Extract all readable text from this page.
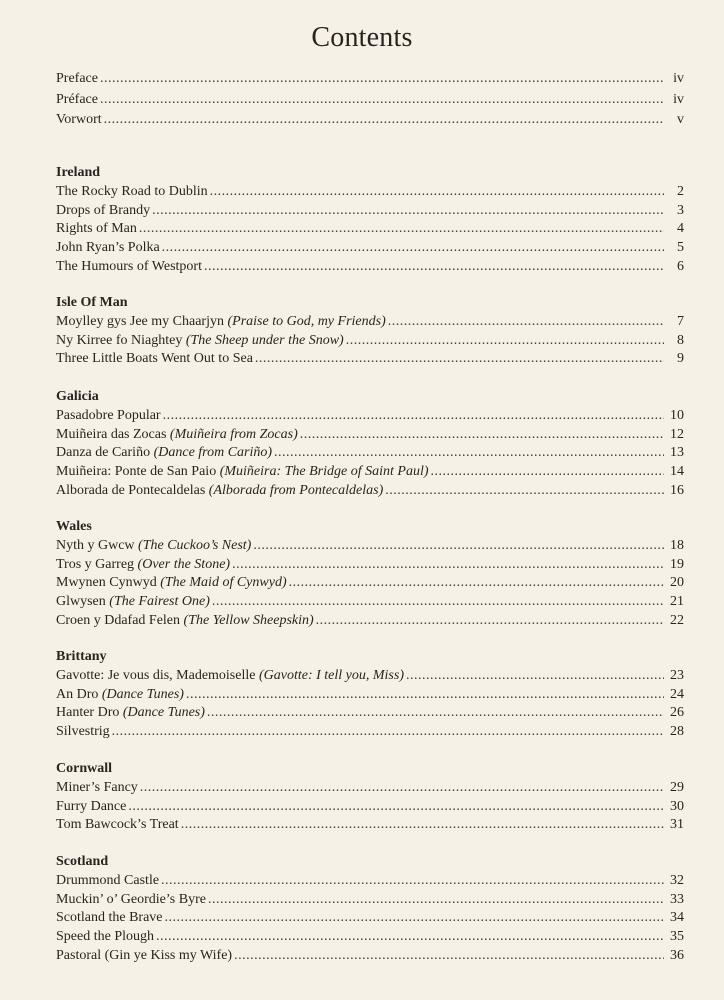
Contents
Preface .....	iv
Préface .....	iv
Vorwort .....	v
Ireland
The Rocky Road to Dublin .....	2
Drops of Brandy .....	3
Rights of Man .....	4
John Ryan’s Polka .....	5
The Humours of Westport .....	6
Isle Of Man
Moylley gys Jee my Chaarjyn (Praise to God, my Friends) .....	7
Ny Kirree fo Niaghtey (The Sheep under the Snow) .....	8
Three Little Boats Went Out to Sea .....	9
Galicia
Pasadobre Popular .....	10
Muiñeira das Zocas (Muiñeira from Zocas) .....	12
Danza de Cariño (Dance from Cariño) .....	13
Muiñeira: Ponte de San Paio (Muiñeira: The Bridge of Saint Paul) .....	14
Alborada de Pontecaldelas (Alborada from Pontecaldelas) .....	16
Wales
Nyth y Gwcw (The Cuckoo’s Nest) .....	18
Tros y Garreg (Over the Stone) .....	19
Mwynen Cynwyd (The Maid of Cynwyd) .....	20
Glwysen (The Fairest One) .....	21
Croen y Ddafad Felen (The Yellow Sheepskin) .....	22
Brittany
Gavotte: Je vous dis, Mademoiselle (Gavotte: I tell you, Miss) .....	23
An Dro (Dance Tunes) .....	24
Hanter Dro (Dance Tunes) .....	26
Silvestrig .....	28
Cornwall
Miner’s Fancy .....	29
Furry Dance .....	30
Tom Bawcock’s Treat .....	31
Scotland
Drummond Castle .....	32
Muckin’ o’ Geordie’s Byre .....	33
Scotland the Brave .....	34
Speed the Plough .....	35
Pastoral (Gin ye Kiss my Wife) .....	36
